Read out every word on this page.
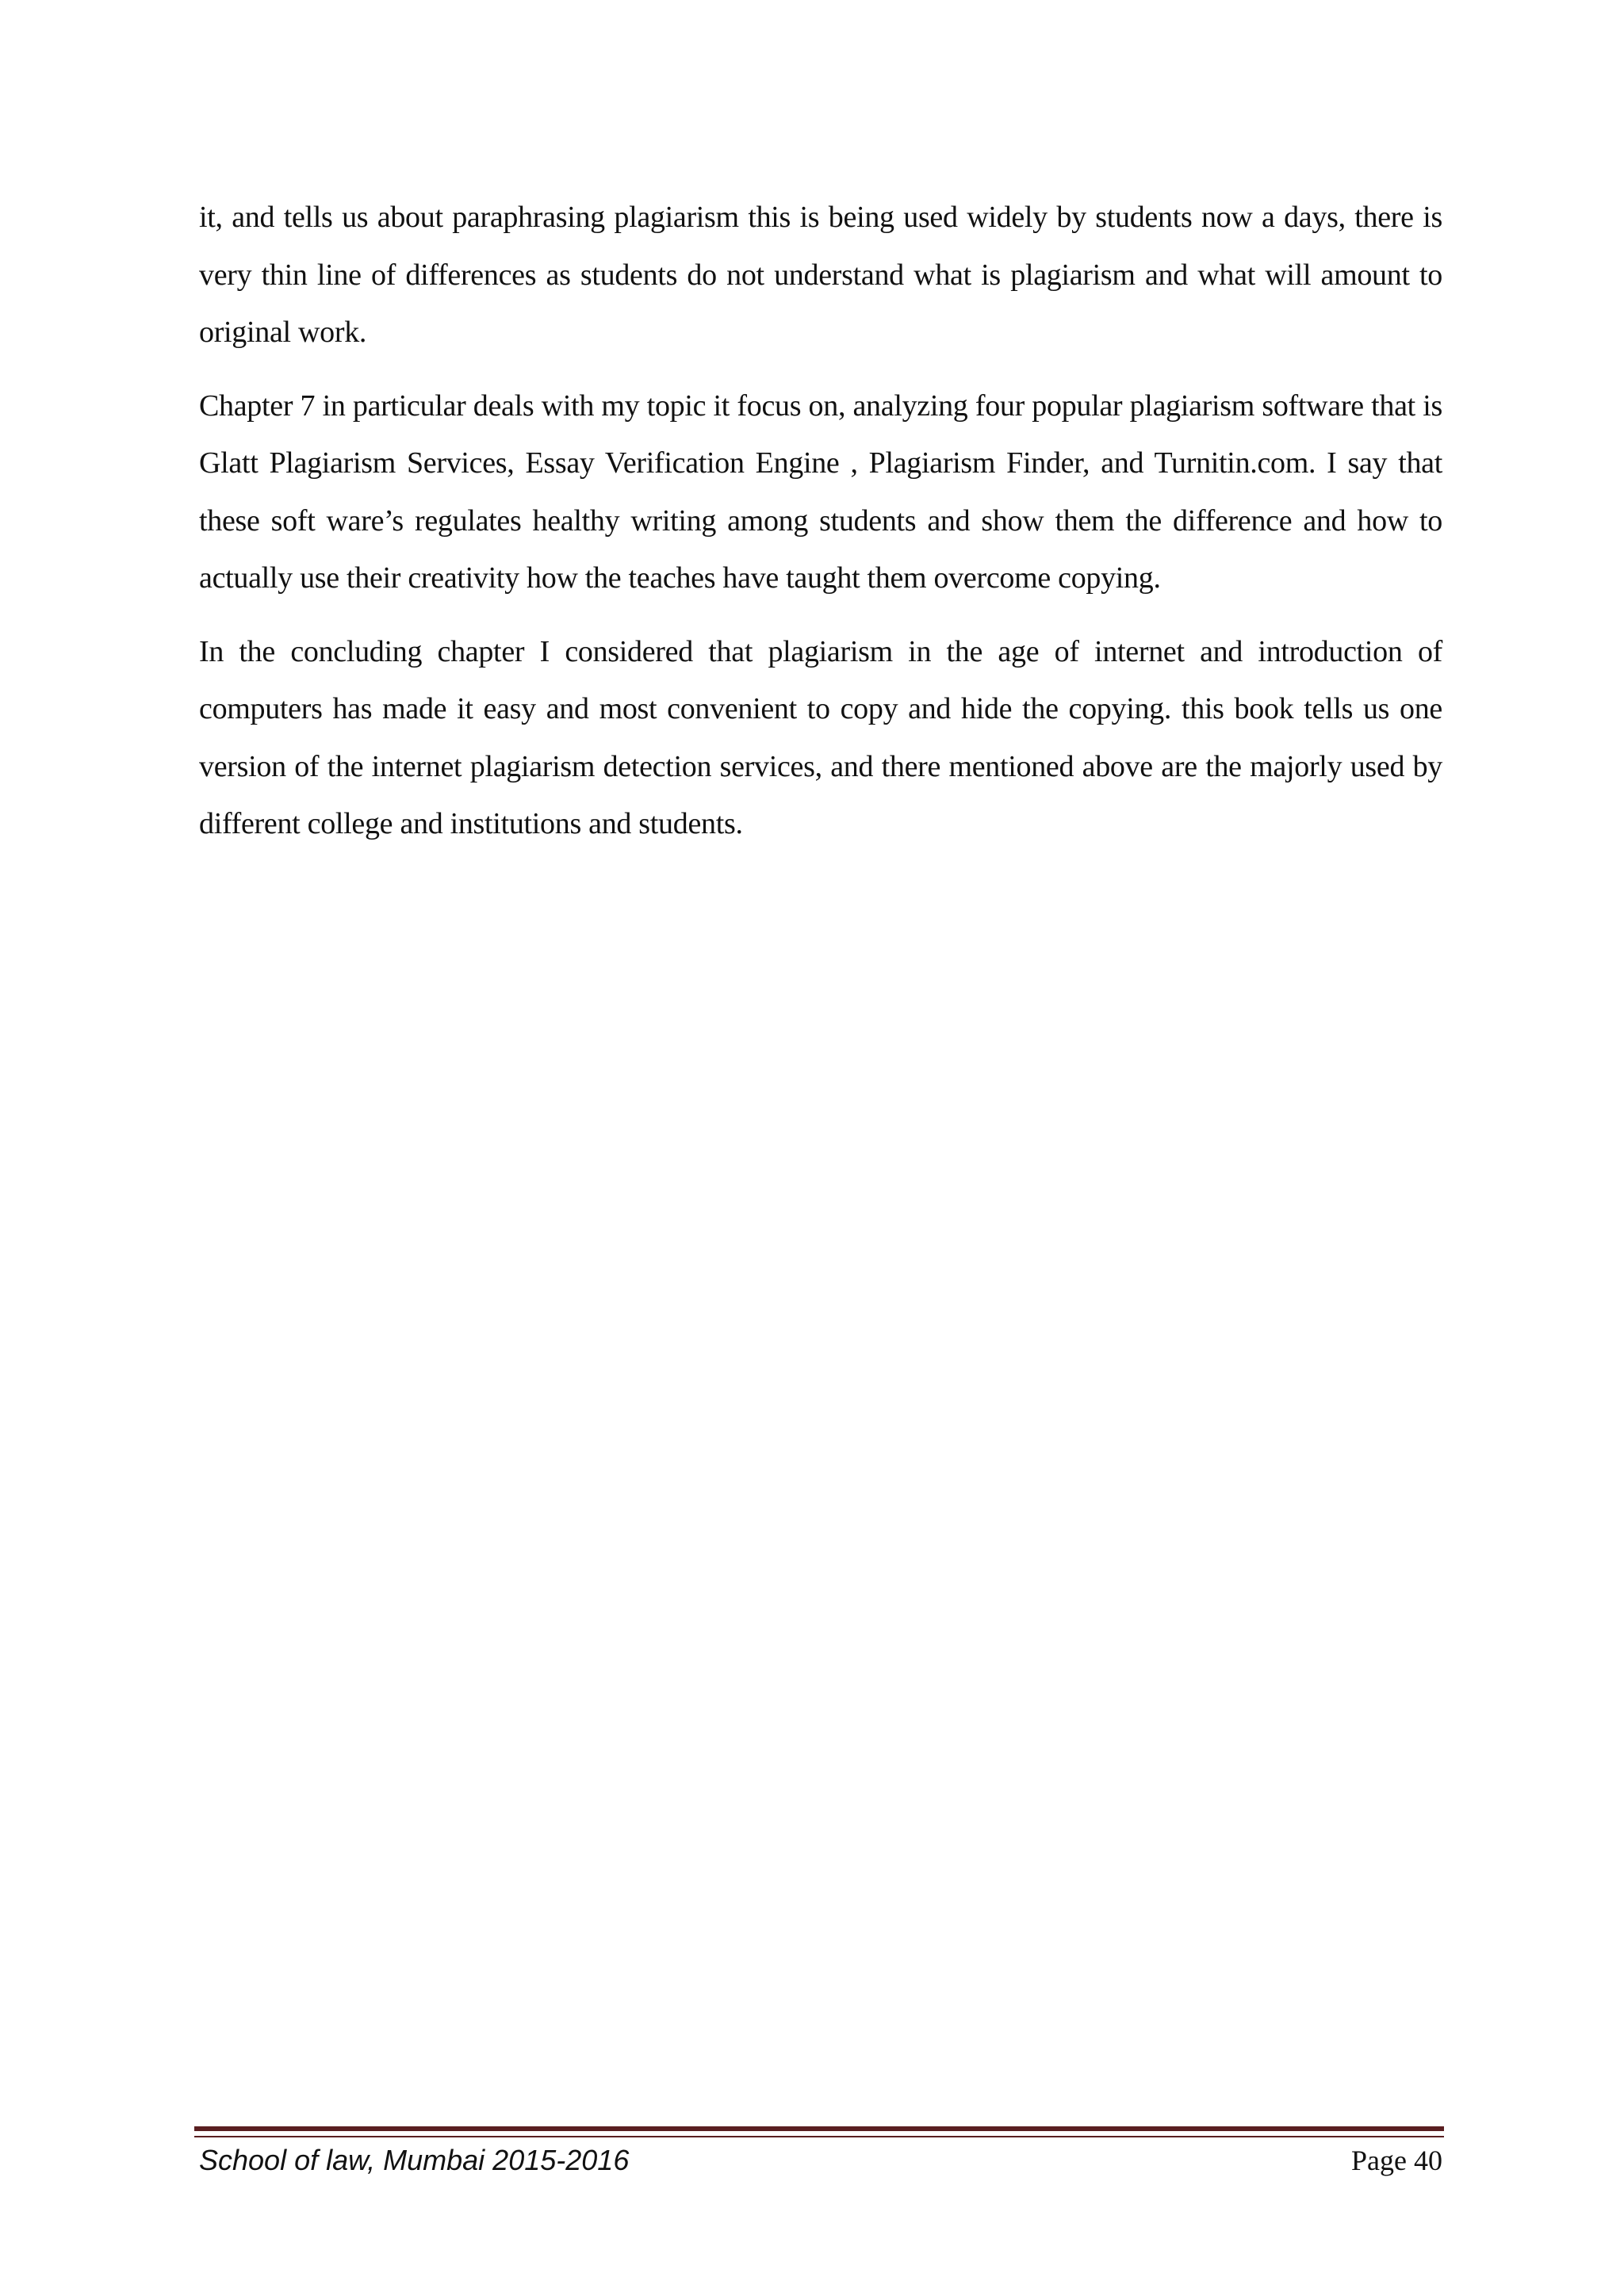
it, and tells us about paraphrasing plagiarism this is being used widely by students now a days, there is very thin line of differences as students do not understand what is plagiarism and what will amount to original work.

Chapter 7 in particular deals with my topic it focus on, analyzing four popular plagiarism software that is Glatt Plagiarism Services, Essay Verification Engine , Plagiarism Finder, and Turnitin.com. I say that these soft ware’s regulates healthy writing among students and show them the difference and how to actually use their creativity how the teaches have taught them overcome copying.

In the concluding chapter I considered that plagiarism in the age of internet and introduction of computers has made it easy and most convenient to copy and hide the copying. this book tells us one version of the internet plagiarism detection services, and there mentioned above are the majorly used by different college and institutions and students.

School of law, Mumbai 2015-2016	Page 40
